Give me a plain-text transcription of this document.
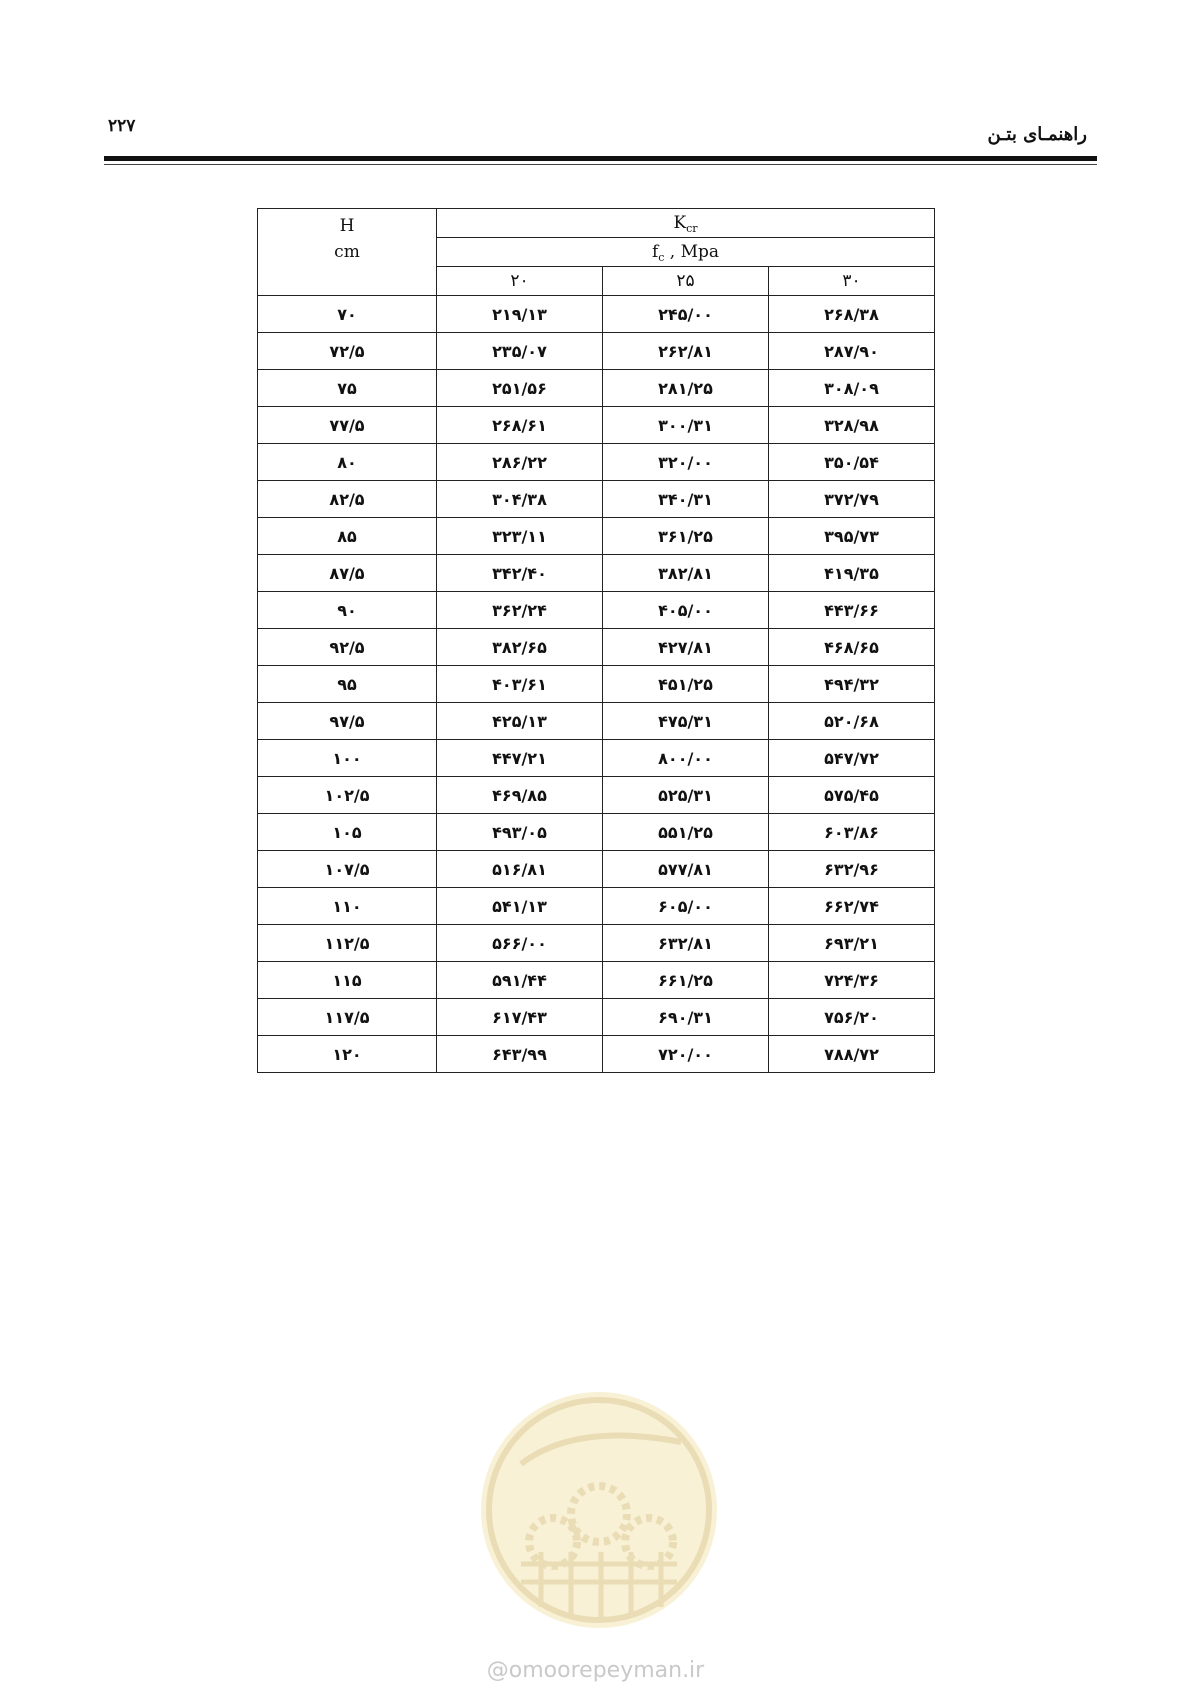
۲۲۷	راهنمـای بتـن
H
cm	$K_{cr}$
	$f_c$ , Mpa		
	۲۰	۲۵	۳۰
۷۰	۲۱۹/۱۳	۲۴۵/۰۰	۲۶۸/۳۸
۷۲/۵	۲۳۵/۰۷	۲۶۲/۸۱	۲۸۷/۹۰
۷۵	۲۵۱/۵۶	۲۸۱/۲۵	۳۰۸/۰۹
۷۷/۵	۲۶۸/۶۱	۳۰۰/۳۱	۳۲۸/۹۸
۸۰	۲۸۶/۲۲	۳۲۰/۰۰	۳۵۰/۵۴
۸۲/۵	۳۰۴/۳۸	۳۴۰/۳۱	۳۷۲/۷۹
۸۵	۳۲۳/۱۱	۳۶۱/۲۵	۳۹۵/۷۳
۸۷/۵	۳۴۲/۴۰	۳۸۲/۸۱	۴۱۹/۳۵
۹۰	۳۶۲/۲۴	۴۰۵/۰۰	۴۴۳/۶۶
۹۲/۵	۳۸۲/۶۵	۴۲۷/۸۱	۴۶۸/۶۵
۹۵	۴۰۳/۶۱	۴۵۱/۲۵	۴۹۴/۳۲
۹۷/۵	۴۲۵/۱۳	۴۷۵/۳۱	۵۲۰/۶۸
۱۰۰	۴۴۷/۲۱	۸۰۰/۰۰	۵۴۷/۷۲
۱۰۲/۵	۴۶۹/۸۵	۵۲۵/۳۱	۵۷۵/۴۵
۱۰۵	۴۹۳/۰۵	۵۵۱/۲۵	۶۰۳/۸۶
۱۰۷/۵	۵۱۶/۸۱	۵۷۷/۸۱	۶۳۲/۹۶
۱۱۰	۵۴۱/۱۳	۶۰۵/۰۰	۶۶۲/۷۴
۱۱۲/۵	۵۶۶/۰۰	۶۳۲/۸۱	۶۹۳/۲۱
۱۱۵	۵۹۱/۴۴	۶۶۱/۲۵	۷۲۴/۳۶
۱۱۷/۵	۶۱۷/۴۳	۶۹۰/۳۱	۷۵۶/۲۰
۱۲۰	۶۴۳/۹۹	۷۲۰/۰۰	۷۸۸/۷۲
@omoorepeyman.ir
